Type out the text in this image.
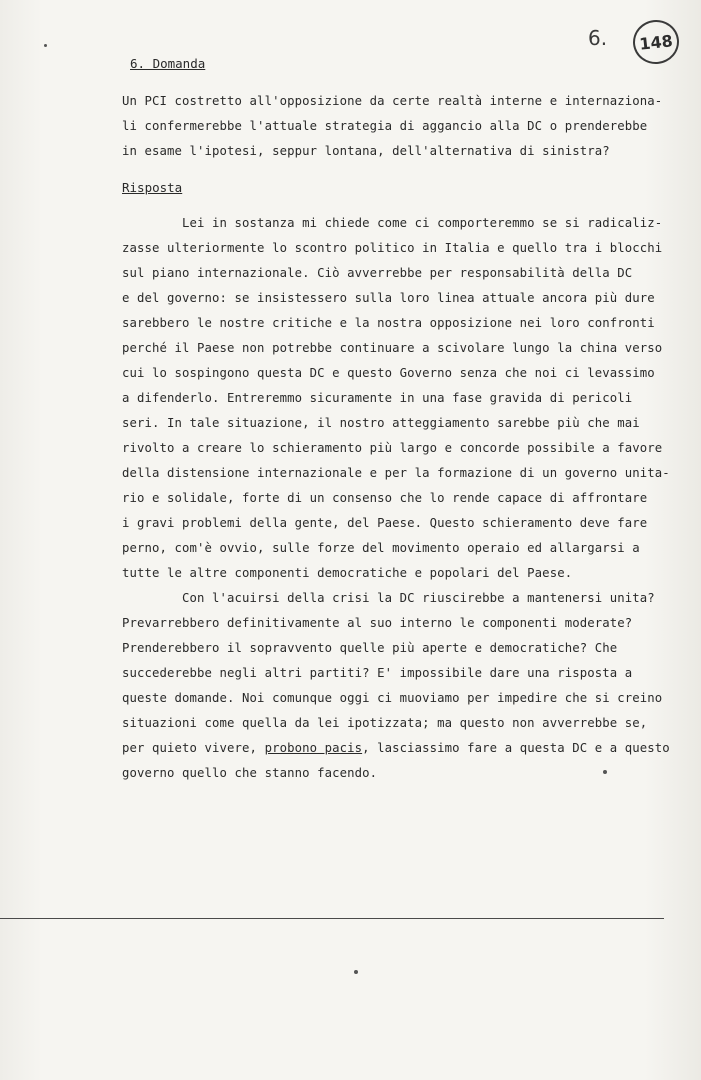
6.	148
6. Domanda
Un PCI costretto all'opposizione da certe realtà interne e internaziona-
li confermerebbe l'attuale strategia di aggancio alla DC o prenderebbe
in esame l'ipotesi, seppur lontana, dell'alternativa di sinistra?
Risposta
Lei in sostanza mi chiede come ci comporteremmo se si radicaliz-
zasse ulteriormente lo scontro politico in Italia e quello tra i blocchi
sul piano internazionale. Ciò avverrebbe per responsabilità della DC
e del governo: se insistessero sulla loro linea attuale ancora più dure
sarebbero le nostre critiche e la nostra opposizione nei loro confronti
perché il Paese non potrebbe continuare a scivolare lungo la china verso
cui lo sospingono questa DC e questo Governo senza che noi ci levassimo
a difenderlo. Entreremmo sicuramente in una fase gravida di pericoli
seri. In tale situazione, il nostro atteggiamento sarebbe più che mai
rivolto a creare lo schieramento più largo e concorde possibile a favore
della distensione internazionale e per la formazione di un governo unita-
rio e solidale, forte di un consenso che lo rende capace di affrontare
i gravi problemi della gente, del Paese. Questo schieramento deve fare
perno, com'è ovvio, sulle forze del movimento operaio ed allargarsi a
tutte le altre componenti democratiche e popolari del Paese.
Con l'acuirsi della crisi la DC riuscirebbe a mantenersi unita?
Prevarrebbero definitivamente al suo interno le componenti moderate?
Prenderebbero il sopravvento quelle più aperte e democratiche? Che
succederebbe negli altri partiti? E' impossibile dare una risposta a
queste domande. Noi comunque oggi ci muoviamo per impedire che si creino
situazioni come quella da lei ipotizzata; ma questo non avverrebbe se,
per quieto vivere, probono pacis, lasciassimo fare a questa DC e a questo
governo quello che stanno facendo.
